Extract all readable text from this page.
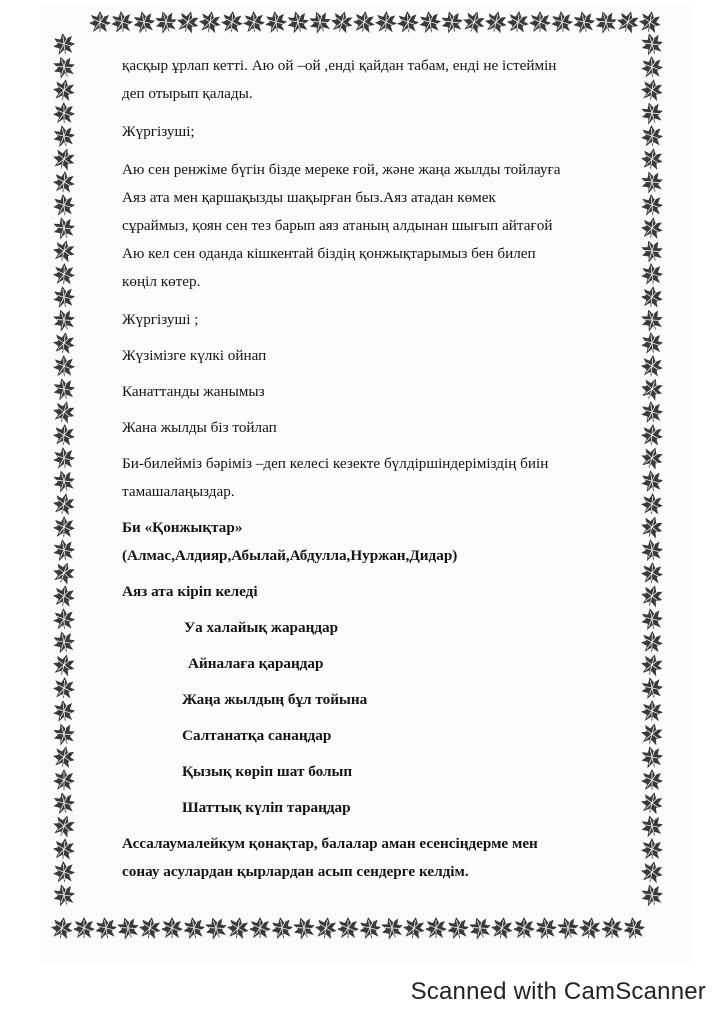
қасқыр ұрлап кетті. Аю ой –ой ,енді қайдан табам, енді не істеймін

деп отырып қалады.

Жүргізуші;

Аю сен ренжіме бүгін бізде мереке ғой, және жаңа жылды тойлауға

Аяз ата мен қаршақызды шақырған быз.Аяз атадан көмек

сұраймыз, қоян сен тез барып аяз атаның алдынан шығып айтағой

Аю кел сен оданда кішкентай біздің қонжықтарымыз бен билеп

көңіл көтер.

Жүргізуші ;

Жүзімізге күлкі ойнап

Канаттанды жанымыз

Жана жылды біз тойлап

Би-билейміз бәріміз –деп келесі кезекте бүлдіршіндеріміздің биін

тамашалаңыздар.

Би «Қонжықтар»

(Алмас,Алдияр,Абылай,Абдулла,Нуржан,Дидар)

Аяз ата кіріп келеді

Уа халайық жараңдар

Айналаға қараңдар

Жаңа жылдың бұл тойына

Салтанатқа санаңдар

Қызық көріп шат болып

Шаттық күліп тараңдар

Ассалаумалейкум қонақтар, балалар аман есенсіңдерме мен

сонау асулардан қырлардан асып сендерге келдім.

Scanned with CamScanner
